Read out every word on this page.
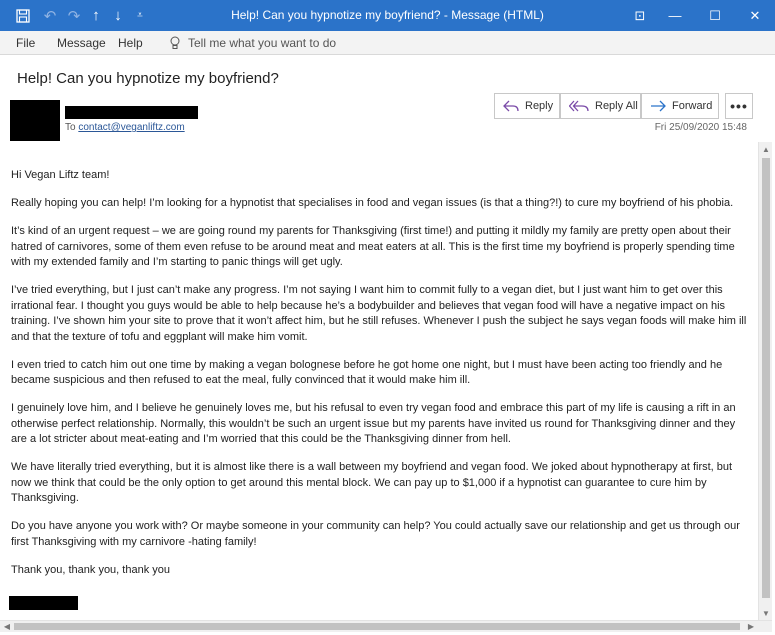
↶ ↷ ↑ ↓	⩡	Help! Can you hypnotize my boyfriend? - Message (HTML)	⊡	—	☐	✕
File Message Help	Tell me what you want to do
Help! Can you hypnotize my boyfriend?
To contact@veganliftz.com	Fri 25/09/2020 15:48
Reply	Reply All	Forward	•••

Hi Vegan Liftz team!

Really hoping you can help! I’m looking for a hypnotist that specialises in food and vegan issues (is that a thing?!) to cure my boyfriend of his phobia.

It’s kind of an urgent request – we are going round my parents for Thanksgiving (first time!) and putting it mildly my family are pretty open about their hatred of carnivores, some of them even refuse to be around meat and meat eaters at all. This is the first time my boyfriend is properly spending time with my extended family and I’m starting to panic things will get ugly.

I’ve tried everything, but I just can’t make any progress. I’m not saying I want him to commit fully to a vegan diet, but I just want him to get over this irrational fear. I thought you guys would be able to help because he’s a bodybuilder and believes that vegan food will have a negative impact on his training. I’ve shown him your site to prove that it won’t affect him, but he still refuses. Whenever I push the subject he says vegan foods will make him ill and that the texture of tofu and eggplant will make him vomit.

I even tried to catch him out one time by making a vegan bolognese before he got home one night, but I must have been acting too friendly and he became suspicious and then refused to eat the meal, fully convinced that it would make him ill.

I genuinely love him, and I believe he genuinely loves me, but his refusal to even try vegan food and embrace this part of my life is causing a rift in an otherwise perfect relationship. Normally, this wouldn’t be such an urgent issue but my parents have invited us round for Thanksgiving dinner and they are a lot stricter about meat-eating and I’m worried that this could be the Thanksgiving dinner from hell.

We have literally tried everything, but it is almost like there is a wall between my boyfriend and vegan food. We joked about hypnotherapy at first, but now we think that could be the only option to get around this mental block. We can pay up to $1,000 if a hypnotist can guarantee to cure him by Thanksgiving.

Do you have anyone you work with? Or maybe someone in your community can help? You could actually save our relationship and get us through our first Thanksgiving with my carnivore -hating family!

Thank you, thank you, thank you

▲
▼
◀	▶
